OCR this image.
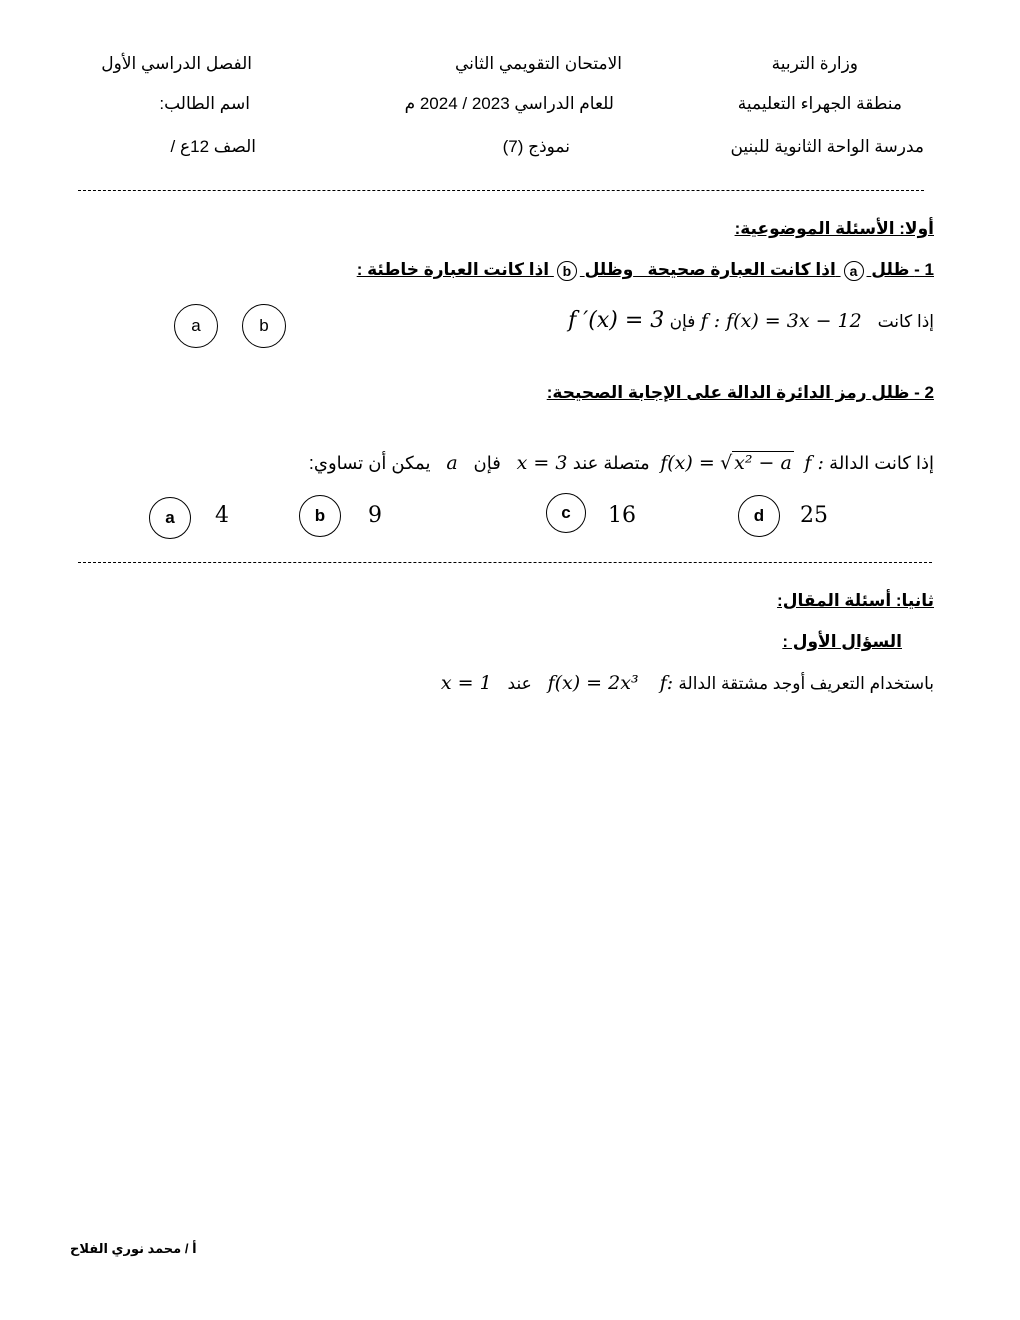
وزارة التربية
منطقة الجهراء التعليمية
مدرسة الواحة الثانوية للبنين
الامتحان التقويمي الثاني
للعام الدراسي 2023 / 2024 م
نموذج (7)
الفصل الدراسي الأول
اسم الطالب:
الصف 12ع /
أولا: الأسئلة الموضوعية:
1 - ظلل a اذا كانت العبارة صحيحة   وظلل b اذا كانت العبارة خاطئة :
إذا كانت   f : f(x) = 3x − 12 فإن f ′(x) = 3
a	b
2 - ظلل رمز الدائرة الدالة على الإجابة الصحيحة:
إذا كانت الدالة f : f(x) = √ x² − a   متصلة عند x = 3   فإن   a   يمكن أن تساوي:
a	4	b	9	c	16	d	25
ثانيا: أسئلة المقال:
السؤال الأول :
باستخدام التعريف أوجد مشتقة الدالة f:    f(x) = 2x³   عند   x = 1
أ / محمد نوري الفلاح
